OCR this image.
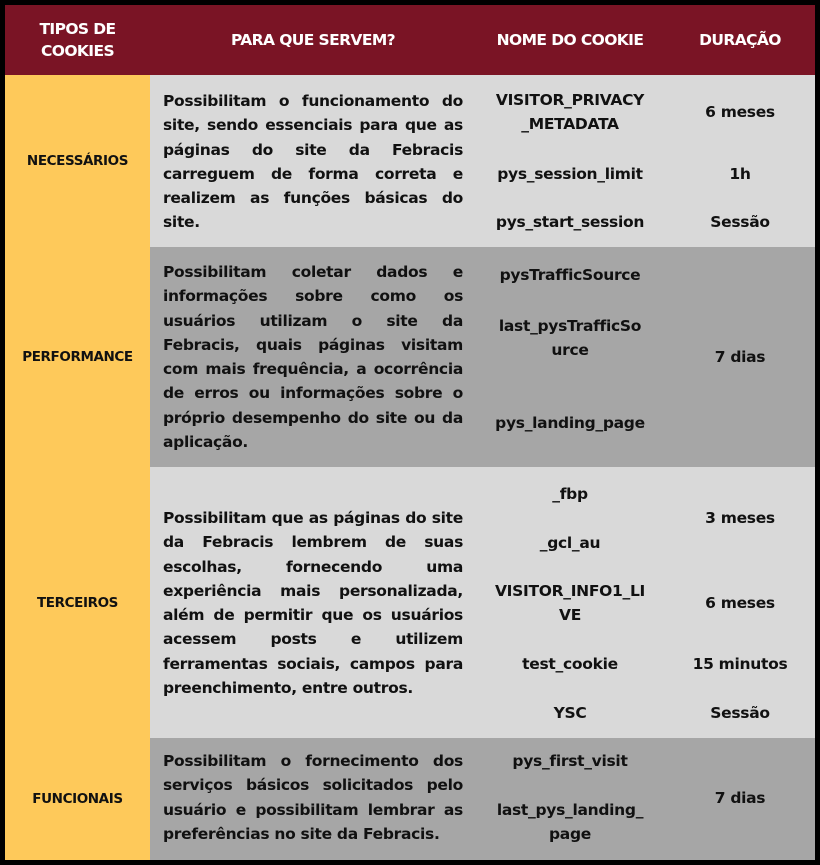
TIPOS DE
COOKIES
PARA QUE SERVEM?	NOME DO COOKIE	DURAÇÃO
NECESSÁRIOS
Possibilitam o funcionamento do site, sendo essenciais para que as páginas do site da Febracis carreguem de forma correta e realizem as funções básicas do site.
VISITOR_PRIVACY
_METADATA
pys_session_limit
pys_start_session
6 meses
1h
Sessão
PERFORMANCE
Possibilitam coletar dados e informações sobre como os usuários utilizam o site da Febracis, quais páginas visitam com mais frequência, a ocorrência de erros ou informações sobre o próprio desempenho do site ou da aplicação.
pysTrafficSource
last_pysTrafficSo
urce
pys_landing_page
7 dias
TERCEIROS
Possibilitam que as páginas do site da Febracis lembrem de suas escolhas, fornecendo uma experiência mais personalizada, além de permitir que os usuários acessem posts e utilizem ferramentas sociais, campos para preenchimento, entre outros.
_fbp
_gcl_au
VISITOR_INFO1_LI
VE
test_cookie
YSC
3 meses
6 meses
15 minutos
Sessão
FUNCIONAIS
Possibilitam o fornecimento dos serviços básicos solicitados pelo usuário e possibilitam lembrar as preferências no site da Febracis.
pys_first_visit
last_pys_landing_
page
7 dias
